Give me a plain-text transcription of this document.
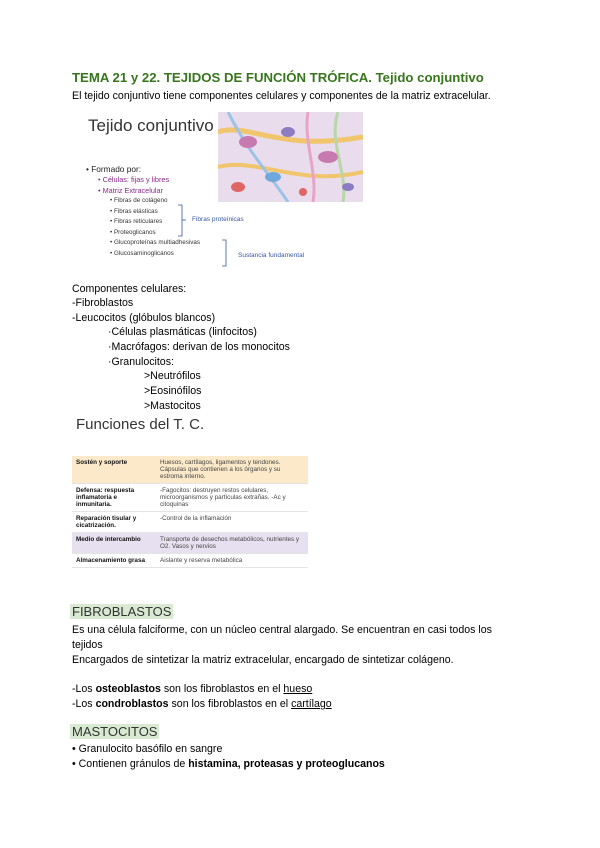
TEMA 21 y 22. TEJIDOS DE FUNCIÓN TRÓFICA. Tejido conjuntivo
El tejido conjuntivo tiene componentes celulares y componentes de la matriz extracelular.
Tejido conjuntivo
• Formado por:
• Células: fijas y libres
• Matriz Extracelular
• Fibras de colágeno
• Fibras elásticas
• Fibras reticulares
• Proteoglicanos
• Glucoproteínas multiadhesivas
• Glucosaminoglicanos
Fibras proteínicas
Sustancia fundamental
Componentes celulares:
-Fibroblastos
-Leucocitos (glóbulos blancos)
·Células plasmáticas (linfocitos)
·Macrófagos: derivan de los monocitos
·Granulocitos:
>Neutrófilos
>Eosinófilos
>Mastocitos
Funciones del T. C.
Sostén y soporte	Huesos, cartílagos, ligamentos y tendones. Cápsulas que contienen a los órganos y su estroma interno.
Defensa: respuesta inflamatoria e inmunitaria.	-Fagocitos: destruyen restos celulares, microorganismos y partículas extrañas. -Ac y citoquinas
Reparación tisular y cicatrización.	-Control de la inflamación
Medio de intercambio	Transporte de desechos metabólicos, nutrientes y O2. Vasos y nervios
Almacenamiento grasa	Aislante y reserva metabólica
FIBROBLASTOS
Es una célula falciforme, con un núcleo central alargado. Se encuentran en casi todos los
tejidos
Encargados de sintetizar la matriz extracelular, encargado de sintetizar colágeno.
-Los osteoblastos son los fibroblastos en el hueso
-Los condroblastos son los fibroblastos en el cartílago
MASTOCITOS
• Granulocito basófilo en sangre
• Contienen gránulos de histamina, proteasas y proteoglucanos
